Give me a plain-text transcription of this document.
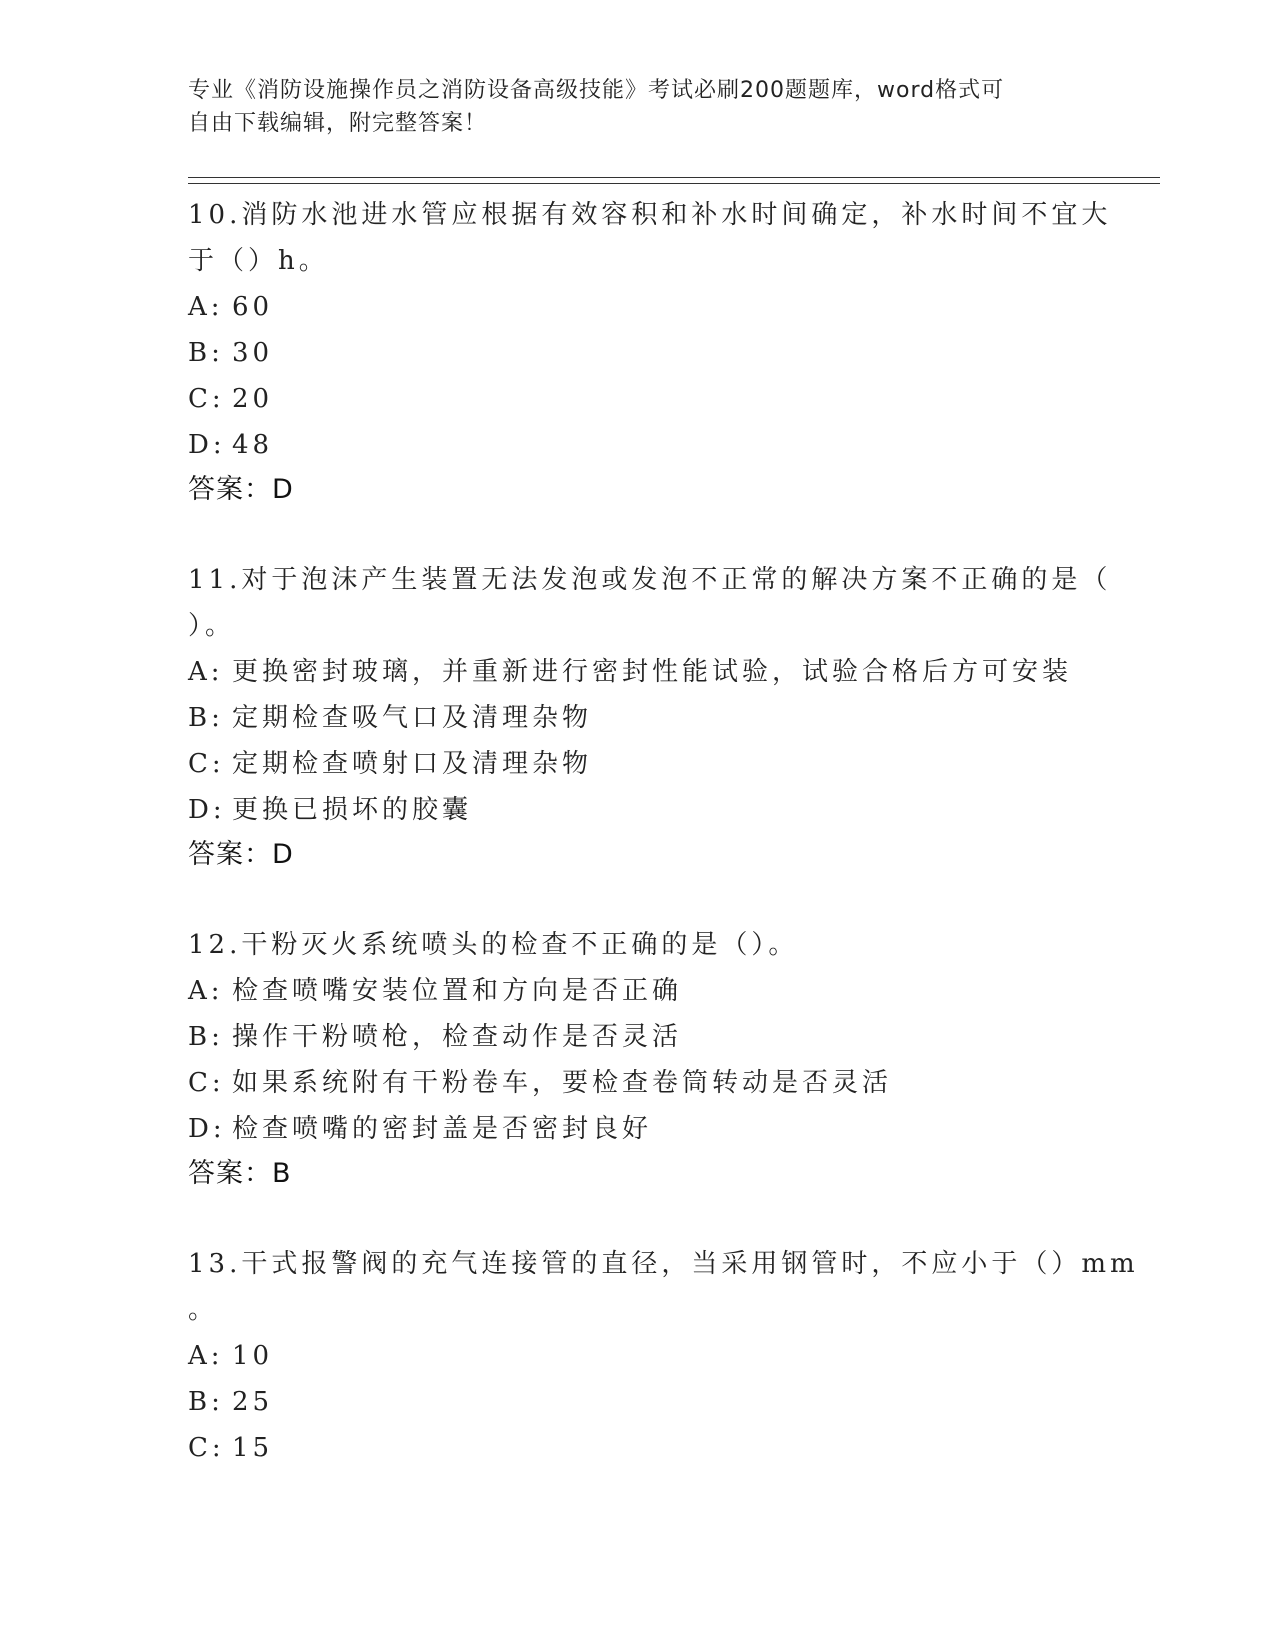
专业《消防设施操作员之消防设备高级技能》考试必刷200题题库，word格式可
自由下载编辑，附完整答案！
10.消防水池进水管应根据有效容积和补水时间确定，补水时间不宜大
于（）h。
A: 60
B: 30
C: 20
D: 48
答案：D
11.对于泡沫产生装置无法发泡或发泡不正常的解决方案不正确的是（
）。
A: 更换密封玻璃，并重新进行密封性能试验，试验合格后方可安装
B: 定期检查吸气口及清理杂物
C: 定期检查喷射口及清理杂物
D: 更换已损坏的胶囊
答案：D
12.干粉灭火系统喷头的检查不正确的是（）。
A: 检查喷嘴安装位置和方向是否正确
B: 操作干粉喷枪，检查动作是否灵活
C: 如果系统附有干粉卷车，要检查卷筒转动是否灵活
D: 检查喷嘴的密封盖是否密封良好
答案：B
13.干式报警阀的充气连接管的直径，当采用钢管时，不应小于（）mm
。
A: 10
B: 25
C: 15
